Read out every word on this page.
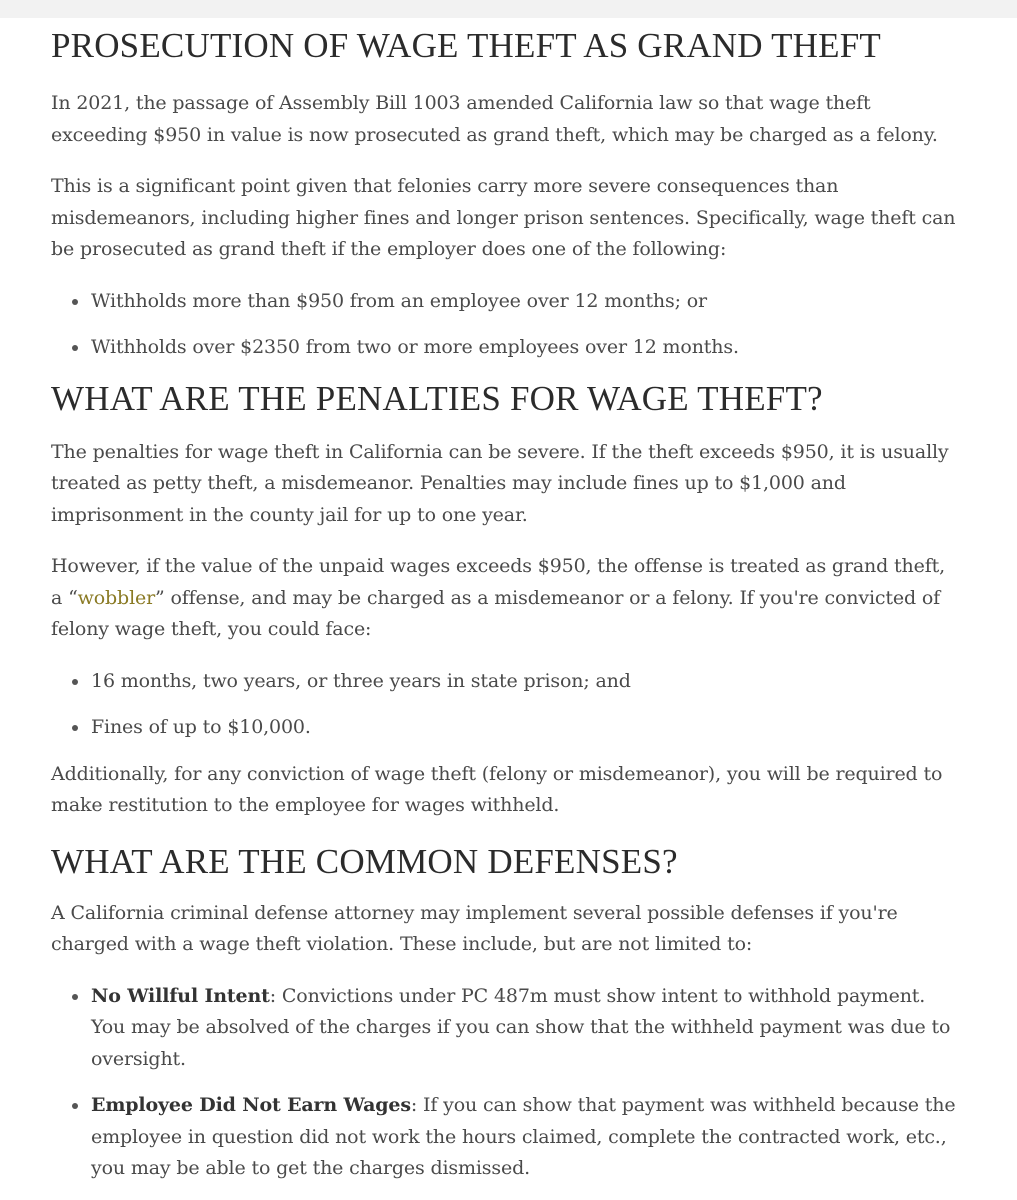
PROSECUTION OF WAGE THEFT AS GRAND THEFT

In 2021, the passage of Assembly Bill 1003 amended California law so that wage theft exceeding $950 in value is now prosecuted as grand theft, which may be charged as a felony.

This is a significant point given that felonies carry more severe consequences than misdemeanors, including higher fines and longer prison sentences. Specifically, wage theft can be prosecuted as grand theft if the employer does one of the following:

• Withholds more than $950 from an employee over 12 months; or
• Withholds over $2350 from two or more employees over 12 months.
WHAT ARE THE PENALTIES FOR WAGE THEFT?

The penalties for wage theft in California can be severe. If the theft exceeds $950, it is usually treated as petty theft, a misdemeanor. Penalties may include fines up to $1,000 and imprisonment in the county jail for up to one year.

However, if the value of the unpaid wages exceeds $950, the offense is treated as grand theft, a “wobbler” offense, and may be charged as a misdemeanor or a felony. If you're convicted of felony wage theft, you could face:

• 16 months, two years, or three years in state prison; and
• Fines of up to $10,000.

Additionally, for any conviction of wage theft (felony or misdemeanor), you will be required to make restitution to the employee for wages withheld.

WHAT ARE THE COMMON DEFENSES?

A California criminal defense attorney may implement several possible defenses if you're charged with a wage theft violation. These include, but are not limited to:

• No Willful Intent: Convictions under PC 487m must show intent to withhold payment. You may be absolved of the charges if you can show that the withheld payment was due to oversight.
• Employee Did Not Earn Wages: If you can show that payment was withheld because the employee in question did not work the hours claimed, complete the contracted work, etc., you may be able to get the charges dismissed.
